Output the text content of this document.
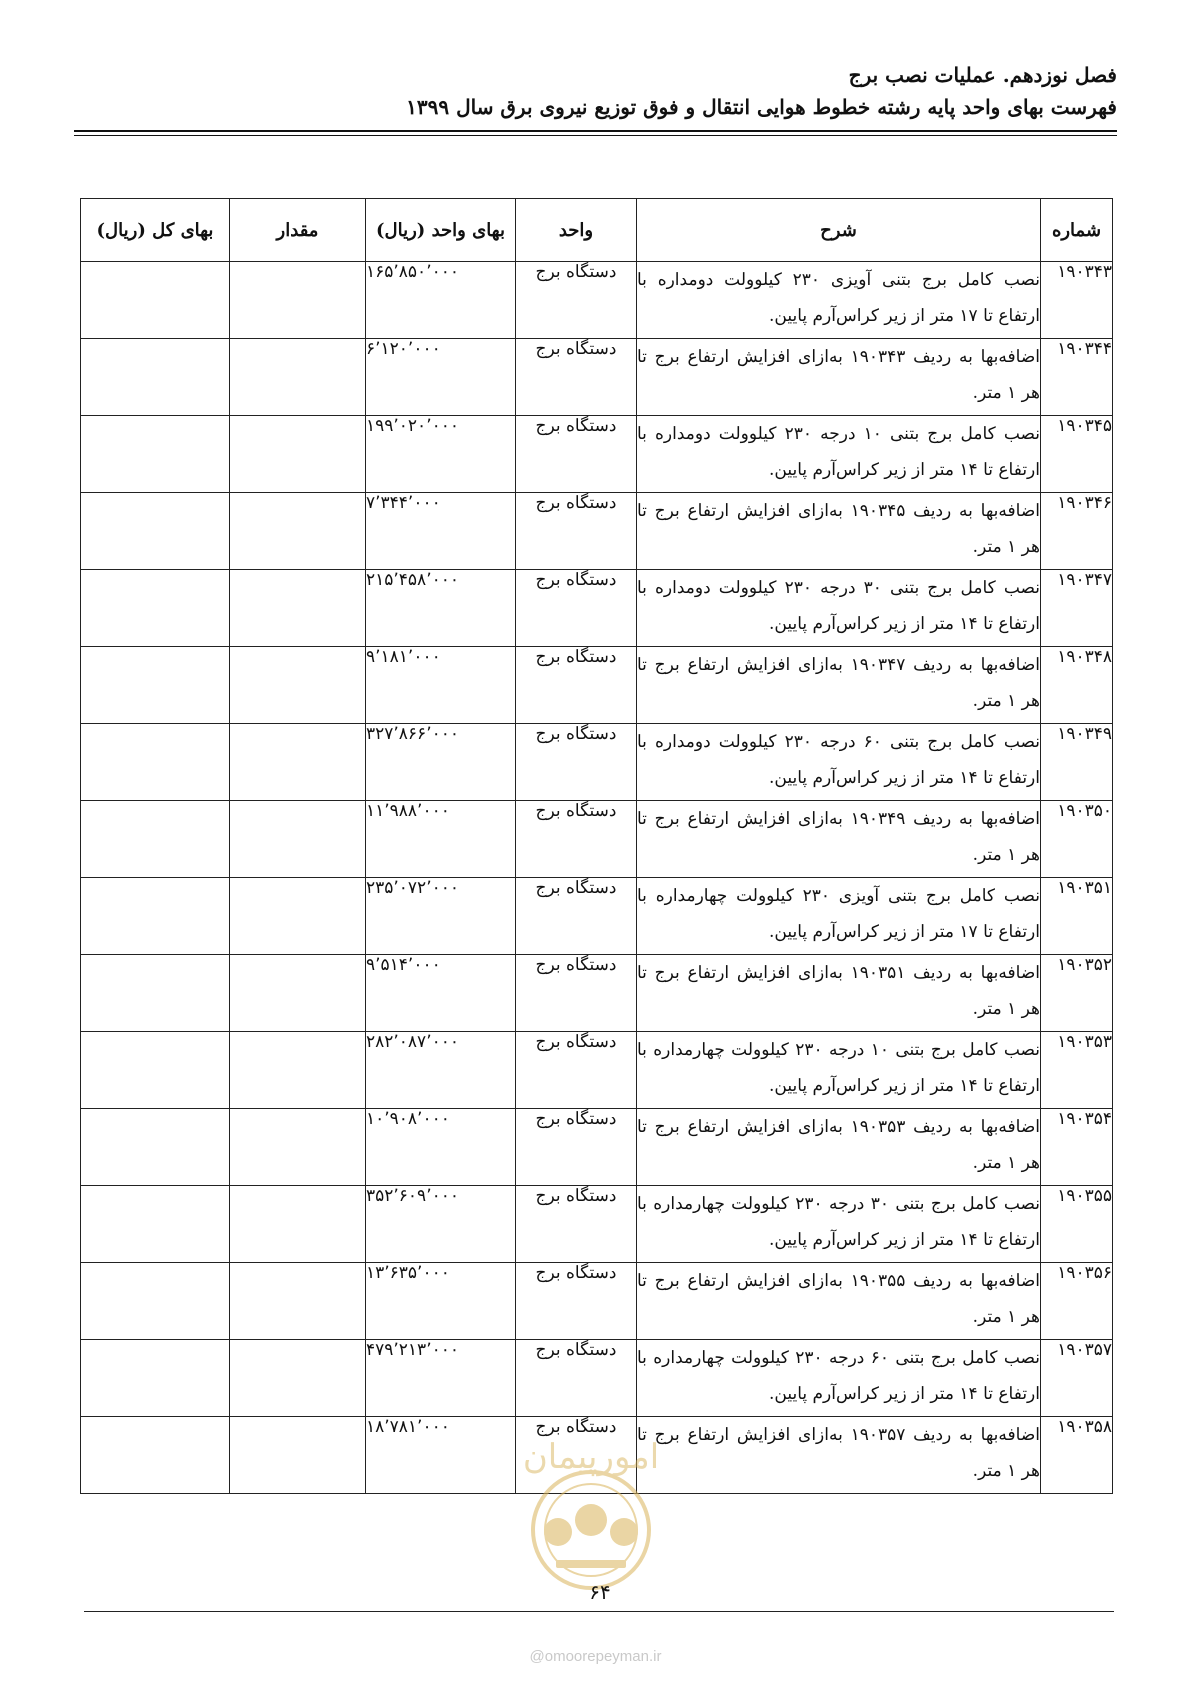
فصل نوزدهم. عملیات نصب برج
فهرست بهای واحد پایه رشته خطوط هوایی انتقال و فوق توزیع نیروی برق سال ۱۳۹۹
شماره	شرح	واحد	بهای واحد (ریال)	مقدار	بهای کل (ریال)
۱۹۰۳۴۳	نصب کامل برج بتنی آویزی ۲۳۰ کیلوولت دومداره با ارتفاع تا ۱۷ متر از زیر کراس‌آرم پایین.	دستگاه برج	۱۶۵٬۸۵۰٬۰۰۰		
۱۹۰۳۴۴	اضافه‌بها به ردیف ۱۹۰۳۴۳ به‌ازای افزایش ارتفاع برج تا هر ۱ متر.	دستگاه برج	۶٬۱۲۰٬۰۰۰		
۱۹۰۳۴۵	نصب کامل برج بتنی ۱۰ درجه ۲۳۰ کیلوولت دومداره با ارتفاع تا ۱۴ متر از زیر کراس‌آرم پایین.	دستگاه برج	۱۹۹٬۰۲۰٬۰۰۰		
۱۹۰۳۴۶	اضافه‌بها به ردیف ۱۹۰۳۴۵ به‌ازای افزایش ارتفاع برج تا هر ۱ متر.	دستگاه برج	۷٬۳۴۴٬۰۰۰		
۱۹۰۳۴۷	نصب کامل برج بتنی ۳۰ درجه ۲۳۰ کیلوولت دومداره با ارتفاع تا ۱۴ متر از زیر کراس‌آرم پایین.	دستگاه برج	۲۱۵٬۴۵۸٬۰۰۰		
۱۹۰۳۴۸	اضافه‌بها به ردیف ۱۹۰۳۴۷ به‌ازای افزایش ارتفاع برج تا هر ۱ متر.	دستگاه برج	۹٬۱۸۱٬۰۰۰		
۱۹۰۳۴۹	نصب کامل برج بتنی ۶۰ درجه ۲۳۰ کیلوولت دومداره با ارتفاع تا ۱۴ متر از زیر کراس‌آرم پایین.	دستگاه برج	۳۲۷٬۸۶۶٬۰۰۰		
۱۹۰۳۵۰	اضافه‌بها به ردیف ۱۹۰۳۴۹ به‌ازای افزایش ارتفاع برج تا هر ۱ متر.	دستگاه برج	۱۱٬۹۸۸٬۰۰۰		
۱۹۰۳۵۱	نصب کامل برج بتنی آویزی ۲۳۰ کیلوولت چهارمداره با ارتفاع تا ۱۷ متر از زیر کراس‌آرم پایین.	دستگاه برج	۲۳۵٬۰۷۲٬۰۰۰		
۱۹۰۳۵۲	اضافه‌بها به ردیف ۱۹۰۳۵۱ به‌ازای افزایش ارتفاع برج تا هر ۱ متر.	دستگاه برج	۹٬۵۱۴٬۰۰۰		
۱۹۰۳۵۳	نصب کامل برج بتنی ۱۰ درجه ۲۳۰ کیلوولت چهارمداره با ارتفاع تا ۱۴ متر از زیر کراس‌آرم پایین.	دستگاه برج	۲۸۲٬۰۸۷٬۰۰۰		
۱۹۰۳۵۴	اضافه‌بها به ردیف ۱۹۰۳۵۳ به‌ازای افزایش ارتفاع برج تا هر ۱ متر.	دستگاه برج	۱۰٬۹۰۸٬۰۰۰		
۱۹۰۳۵۵	نصب کامل برج بتنی ۳۰ درجه ۲۳۰ کیلوولت چهارمداره با ارتفاع تا ۱۴ متر از زیر کراس‌آرم پایین.	دستگاه برج	۳۵۲٬۶۰۹٬۰۰۰		
۱۹۰۳۵۶	اضافه‌بها به ردیف ۱۹۰۳۵۵ به‌ازای افزایش ارتفاع برج تا هر ۱ متر.	دستگاه برج	۱۳٬۶۳۵٬۰۰۰		
۱۹۰۳۵۷	نصب کامل برج بتنی ۶۰ درجه ۲۳۰ کیلوولت چهارمداره با ارتفاع تا ۱۴ متر از زیر کراس‌آرم پایین.	دستگاه برج	۴۷۹٬۲۱۳٬۰۰۰		
۱۹۰۳۵۸	اضافه‌بها به ردیف ۱۹۰۳۵۷ به‌ازای افزایش ارتفاع برج تا هر ۱ متر.	دستگاه برج	۱۸٬۷۸۱٬۰۰۰		
امورپیمان
۶۴
@omoorepeyman.ir
